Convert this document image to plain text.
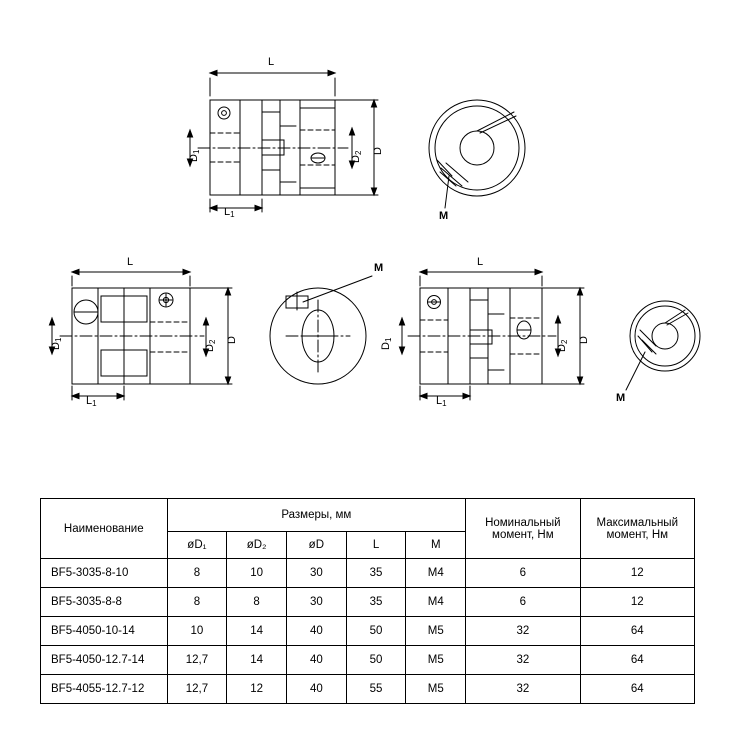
L
$L_1$
$D_1$
$D_2$ D
M
L
$L_1$
$D_1$
$D_2$ D
M	L
$L_1$
$D_1$
$D_2$ D
M
Наименование	Размеры, мм					Номинальный
момент, Нм	Максимальный
момент, Нм
	øD₁	øD₂	øD	L	M		
BF5-3035-8-10	8	10	30	35	M4	6	12
BF5-3035-8-8	8	8	30	35	M4	6	12
BF5-4050-10-14	10	14	40	50	M5	32	64
BF5-4050-12.7-14	12,7	14	40	50	M5	32	64
BF5-4055-12.7-12	12,7	12	40	55	M5	32	64
